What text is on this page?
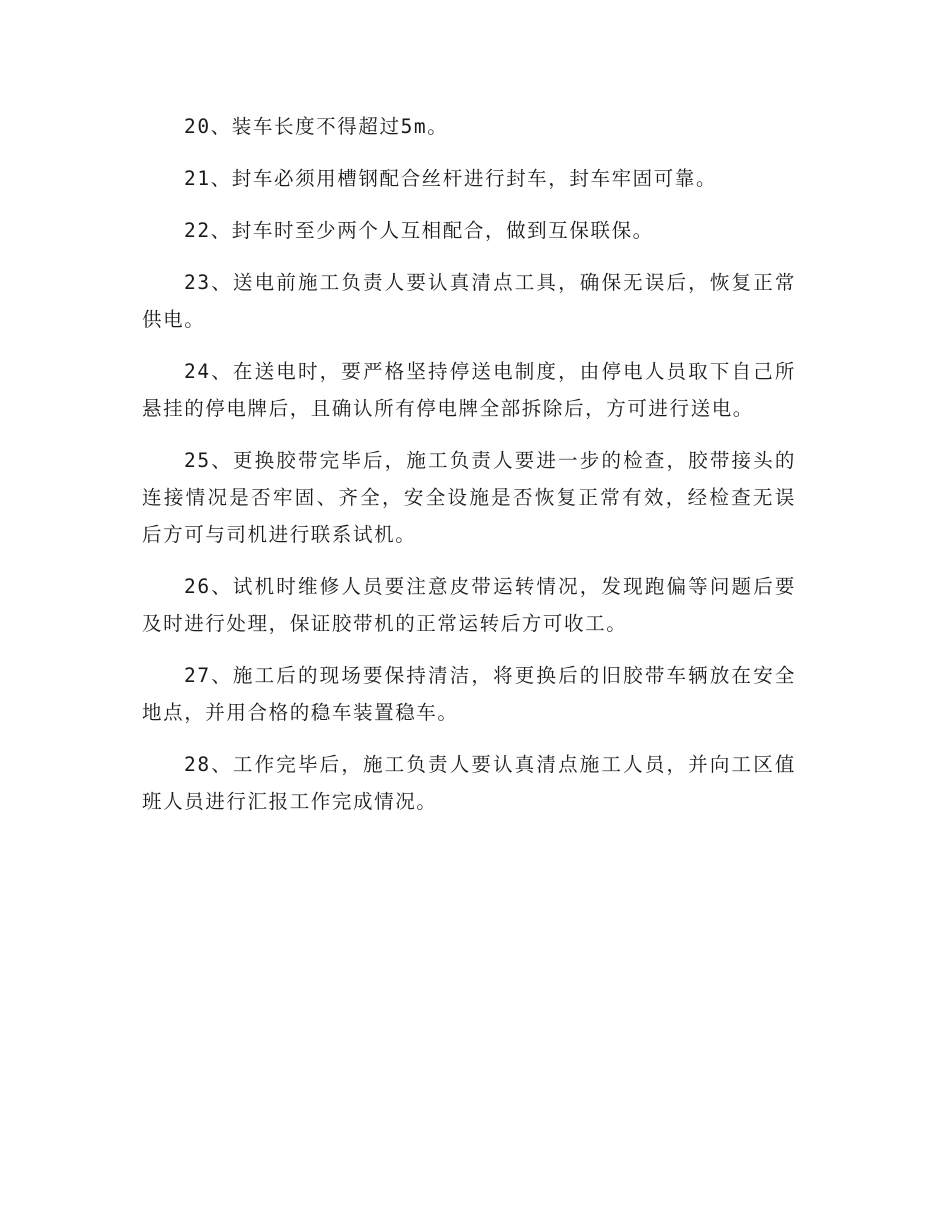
20、装车长度不得超过5m。

21、封车必须用槽钢配合丝杆进行封车，封车牢固可靠。

22、封车时至少两个人互相配合，做到互保联保。

23、送电前施工负责人要认真清点工具，确保无误后，恢复正常供电。

24、在送电时，要严格坚持停送电制度，由停电人员取下自己所悬挂的停电牌后，且确认所有停电牌全部拆除后，方可进行送电。

25、更换胶带完毕后，施工负责人要进一步的检查，胶带接头的连接情况是否牢固、齐全，安全设施是否恢复正常有效，经检查无误后方可与司机进行联系试机。

26、试机时维修人员要注意皮带运转情况，发现跑偏等问题后要及时进行处理，保证胶带机的正常运转后方可收工。

27、施工后的现场要保持清洁，将更换后的旧胶带车辆放在安全地点，并用合格的稳车装置稳车。

28、工作完毕后，施工负责人要认真清点施工人员，并向工区值班人员进行汇报工作完成情况。
